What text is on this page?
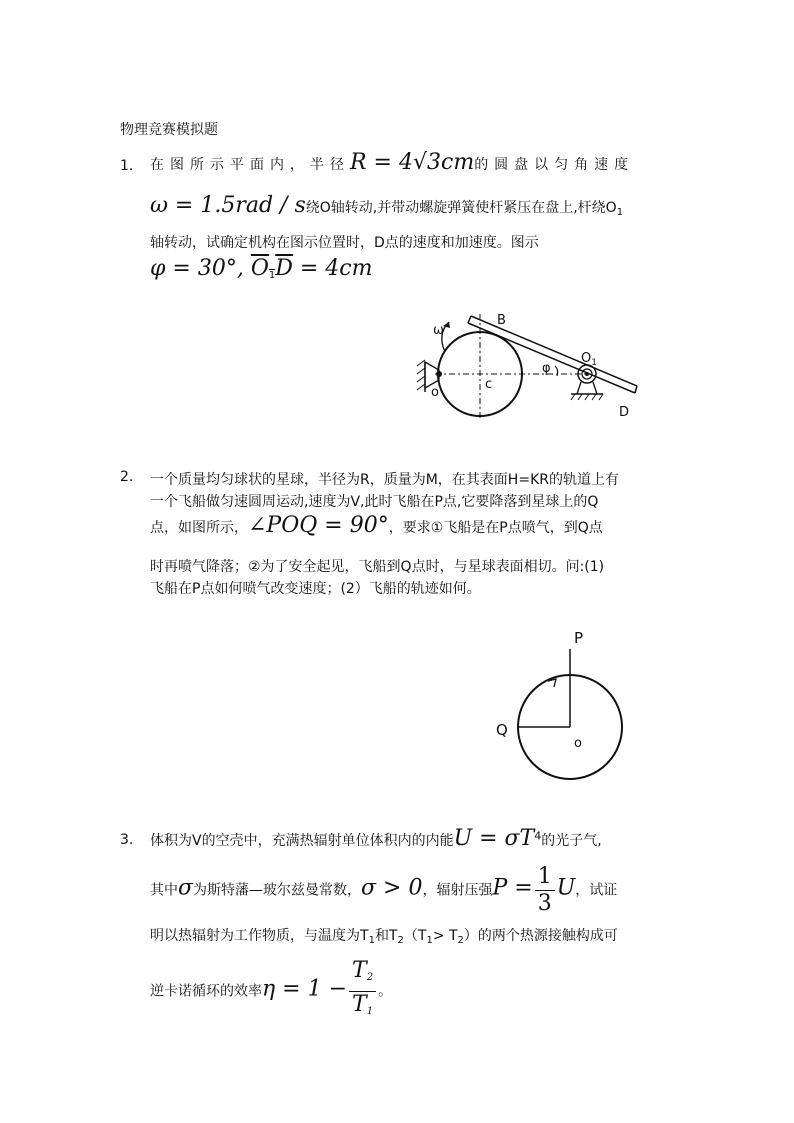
物理竞赛模拟题
1. 在图所示平面内，半径R = 4√3cm的圆盘以匀角速度
ω = 1.5rad / s绕O轴转动,并带动螺旋弹簧使杆紧压在盘上,杆绕$O_1$
轴转动，试确定机构在图示位置时，D点的速度和加速度。图示
φ = 30°, $\overline{O}_1\overline{D} = 4cm$
B
$O_1$
D
o
c
φ
ω
2. 一个质量均匀球状的星球，半径为R，质量为M，在其表面H=KR的轨道上有
一个飞船做匀速圆周运动,速度为V,此时飞船在P点,它要降落到星球上的Q
点，如图所示，∠POQ = 90°，要求①飞船是在P点喷气，到Q点
时再喷气降落；②为了安全起见，飞船到Q点时，与星球表面相切。问:(1)
飞船在P点如何喷气改变速度；(2）飞船的轨迹如何。
P
Q
o
3. 体积为V的空壳中，充满热辐射单位体积内的内能$U = \sigma T^4$的光子气,
其中σ为斯特藩—玻尔兹曼常数，σ > 0，辐射压强$P = \frac{1}{3}$ U，试证
明以热辐射为工作物质，与温度为$T_1$和$T_2(T_1> T_2)$的两个热源接触构成可
逆卡诺循环的效率$\eta = 1 - \frac{T_2}{T_1}$ 。
